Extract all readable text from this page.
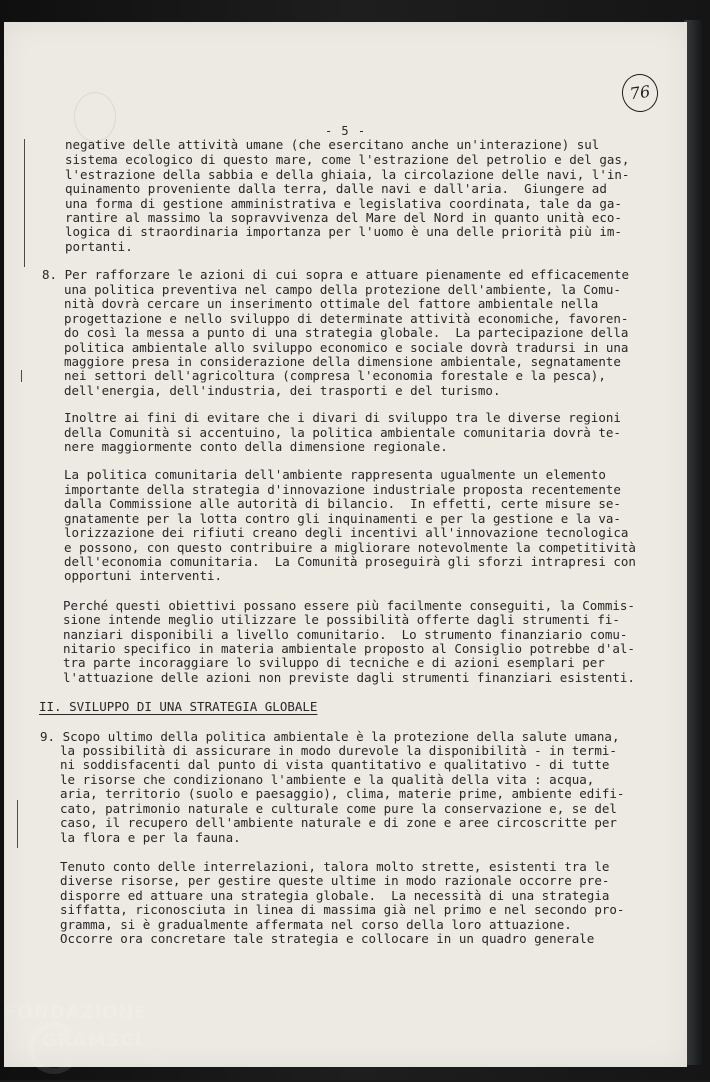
76
- 5 -
negative delle attività umane (che esercitano anche un'interazione) sul
sistema ecologico di questo mare, come l'estrazione del petrolio e del gas,
l'estrazione della sabbia e della ghiaia, la circolazione delle navi, l'in-
quinamento proveniente dalla terra, dalle navi e dall'aria.  Giungere ad
una forma di gestione amministrativa e legislativa coordinata, tale da ga-
rantire al massimo la sopravvivenza del Mare del Nord in quanto unità eco-
logica di straordinaria importanza per l'uomo è una delle priorità più im-
portanti.
8. Per rafforzare le azioni di cui sopra e attuare pienamente ed efficacemente
una politica preventiva nel campo della protezione dell'ambiente, la Comu-
nità dovrà cercare un inserimento ottimale del fattore ambientale nella
progettazione e nello sviluppo di determinate attività economiche, favoren-
do così la messa a punto di una strategia globale.  La partecipazione della
politica ambientale allo sviluppo economico e sociale dovrà tradursi in una
maggiore presa in considerazione della dimensione ambientale, segnatamente
nei settori dell'agricoltura (compresa l'economia forestale e la pesca),
dell'energia, dell'industria, dei trasporti e del turismo.
Inoltre ai fini di evitare che i divari di sviluppo tra le diverse regioni
della Comunità si accentuino, la politica ambientale comunitaria dovrà te-
nere maggiormente conto della dimensione regionale.
La politica comunitaria dell'ambiente rappresenta ugualmente un elemento
importante della strategia d'innovazione industriale proposta recentemente
dalla Commissione alle autorità di bilancio.  In effetti, certe misure se-
gnatamente per la lotta contro gli inquinamenti e per la gestione e la va-
lorizzazione dei rifiuti creano degli incentivi all'innovazione tecnologica
e possono, con questo contribuire a migliorare notevolmente la competitività
dell'economia comunitaria.  La Comunità proseguirà gli sforzi intrapresi con
opportuni interventi.
Perché questi obiettivi possano essere più facilmente conseguiti, la Commis-
sione intende meglio utilizzare le possibilità offerte dagli strumenti fi-
nanziari disponibili a livello comunitario.  Lo strumento finanziario comu-
nitario specifico in materia ambientale proposto al Consiglio potrebbe d'al-
tra parte incoraggiare lo sviluppo di tecniche e di azioni esemplari per
l'attuazione delle azioni non previste dagli strumenti finanziari esistenti.
II. SVILUPPO DI UNA STRATEGIA GLOBALE
9. Scopo ultimo della politica ambientale è la protezione della salute umana,
la possibilità di assicurare in modo durevole la disponibilità - in termi-
ni soddisfacenti dal punto di vista quantitativo e qualitativo - di tutte
le risorse che condizionano l'ambiente e la qualità della vita : acqua,
aria, territorio (suolo e paesaggio), clima, materie prime, ambiente edifi-
cato, patrimonio naturale e culturale come pure la conservazione e, se del
caso, il recupero dell'ambiente naturale e di zone e aree circoscritte per
la flora e per la fauna.
Tenuto conto delle interrelazioni, talora molto strette, esistenti tra le
diverse risorse, per gestire queste ultime in modo razionale occorre pre-
disporre ed attuare una strategia globale.  La necessità di una strategia
siffatta, riconosciuta in linea di massima già nel primo e nel secondo pro-
gramma, si è gradualmente affermata nel corso della loro attuazione.
Occorre ora concretare tale strategia e collocare in un quadro generale
FONDAZIONE
GRAMSCI
onlus
